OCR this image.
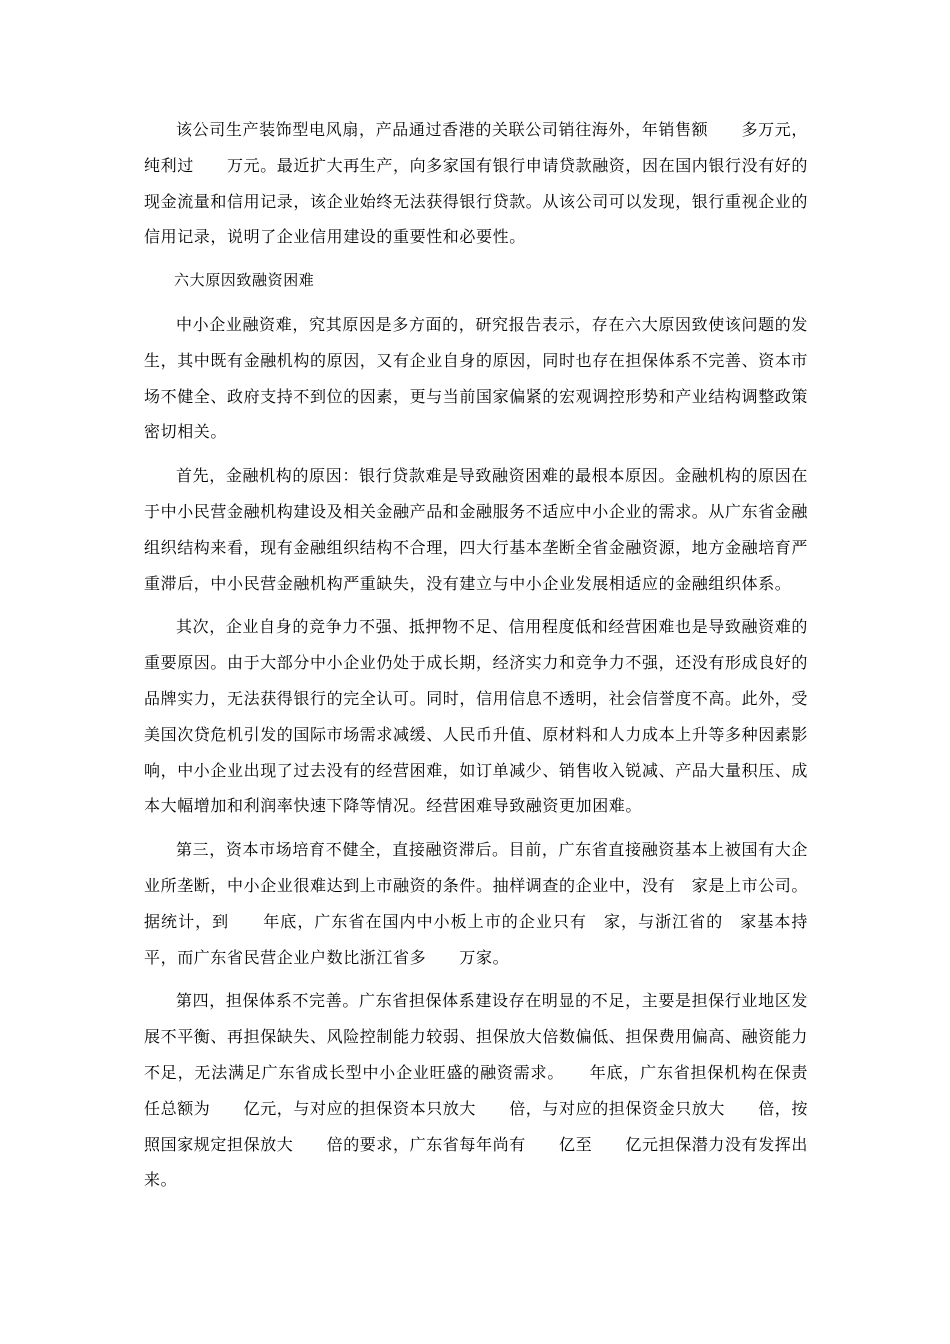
该公司生产装饰型电风扇，产品通过香港的关联公司销往海外，年销售额　　多万元，纯利过　　万元。最近扩大再生产，向多家国有银行申请贷款融资，因在国内银行没有好的现金流量和信用记录，该企业始终无法获得银行贷款。从该公司可以发现，银行重视企业的信用记录，说明了企业信用建设的重要性和必要性。

六大原因致融资困难

中小企业融资难，究其原因是多方面的，研究报告表示，存在六大原因致使该问题的发生，其中既有金融机构的原因，又有企业自身的原因，同时也存在担保体系不完善、资本市场不健全、政府支持不到位的因素，更与当前国家偏紧的宏观调控形势和产业结构调整政策密切相关。

首先，金融机构的原因：银行贷款难是导致融资困难的最根本原因。金融机构的原因在于中小民营金融机构建设及相关金融产品和金融服务不适应中小企业的需求。从广东省金融组织结构来看，现有金融组织结构不合理，四大行基本垄断全省金融资源，地方金融培育严重滞后，中小民营金融机构严重缺失，没有建立与中小企业发展相适应的金融组织体系。

其次，企业自身的竞争力不强、抵押物不足、信用程度低和经营困难也是导致融资难的重要原因。由于大部分中小企业仍处于成长期，经济实力和竞争力不强，还没有形成良好的品牌实力，无法获得银行的完全认可。同时，信用信息不透明，社会信誉度不高。此外，受美国次贷危机引发的国际市场需求减缓、人民币升值、原材料和人力成本上升等多种因素影响，中小企业出现了过去没有的经营困难，如订单减少、销售收入锐减、产品大量积压、成本大幅增加和利润率快速下降等情况。经营困难导致融资更加困难。

第三，资本市场培育不健全，直接融资滞后。目前，广东省直接融资基本上被国有大企业所垄断，中小企业很难达到上市融资的条件。抽样调查的企业中，没有　家是上市公司。据统计，到　　年底，广东省在国内中小板上市的企业只有　家，与浙江省的　家基本持平，而广东省民营企业户数比浙江省多　　万家。

第四，担保体系不完善。广东省担保体系建设存在明显的不足，主要是担保行业地区发展不平衡、再担保缺失、风险控制能力较弱、担保放大倍数偏低、担保费用偏高、融资能力不足，无法满足广东省成长型中小企业旺盛的融资需求。　　年底，广东省担保机构在保责任总额为　　亿元，与对应的担保资本只放大　　倍，与对应的担保资金只放大　　倍，按照国家规定担保放大　　倍的要求，广东省每年尚有　　亿至　　亿元担保潜力没有发挥出来。
